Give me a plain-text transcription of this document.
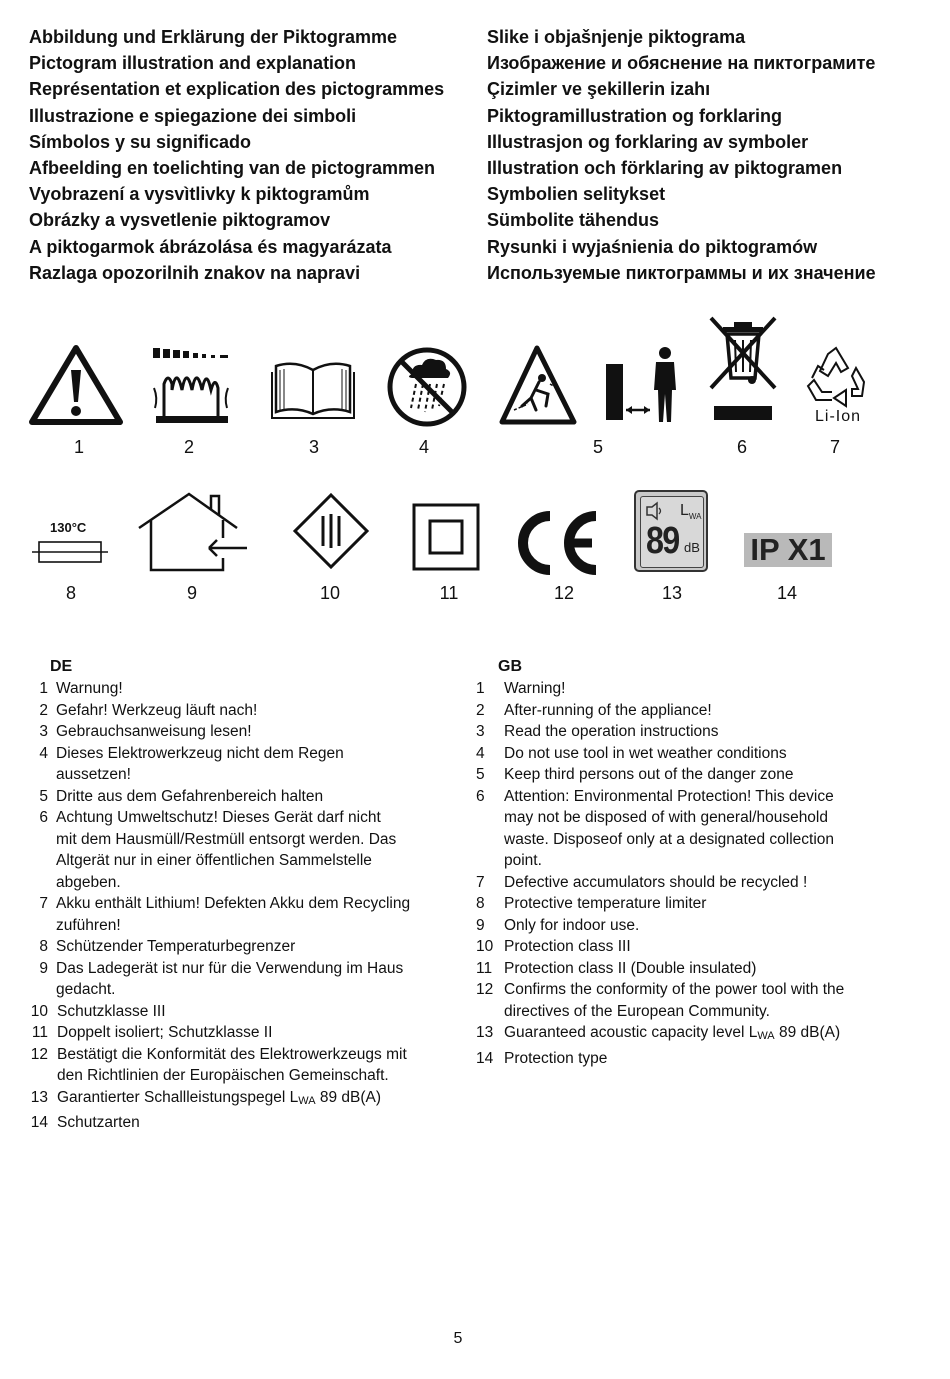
Abbildung und Erklärung der Piktogramme
Pictogram illustration and explanation
Représentation et explication des pictogrammes
Illustrazione e spiegazione dei simboli
Símbolos y su significado
Afbeelding en toelichting van de pictogrammen
Vyobrazení a vysvìtlivky k piktogramům
Obrázky a vysvetlenie piktogramov
A piktogarmok ábrázolása és magyarázata
Razlaga opozorilnih znakov na napravi
Slike i objašnjenje piktograma
Изображение и обяснение на пиктограмите
Çizimler ve şekillerin izahı
Piktogramillustration og forklaring
Illustrasjon og forklaring av symboler
Illustration och förklaring av piktogramen
Symbolien selitykset
Sümbolite tähendus
Rysunki i wyjaśnienia do piktogramów
Используемые пиктограммы и их значение
Li-Ion
1	2	3	4	5	6	7
130°C
$L_{WA}$
89 dB IP X1
8	9	10	11	12	13	14
DE
1 Warnung!
2 Gefahr! Werkzeug läuft nach!
3 Gebrauchsanweisung lesen!
4 Dieses Elektrowerkzeug nicht dem Regen
aussetzen!
5 Dritte aus dem Gefahrenbereich halten
6 Achtung Umweltschutz! Dieses Gerät darf nicht
mit dem Hausmüll/Restmüll entsorgt werden. Das
Altgerät nur in einer öffentlichen Sammelstelle
abgeben.
7 Akku enthält Lithium! Defekten Akku dem Recycling
zuführen!
8 Schützender Temperaturbegrenzer
9 Das Ladegerät ist nur für die Verwendung im Haus
gedacht.
10 Schutzklasse III
11 Doppelt isoliert; Schutzklasse II
12 Bestätigt die Konformität des Elektrowerkzeugs mit
den Richtlinien der Europäischen Gemeinschaft.
13 Garantierter Schallleistungspegel $L_{WA}$ 89 dB(A)
14 Schutzarten
GB
1	Warning!
2	After-running of the appliance!
3	Read the operation instructions
4	Do not use tool in wet weather conditions
5	Keep third persons out of the danger zone
6	Attention: Environmental Protection! This device
may not be disposed of with general/household
waste. Disposeof only at a designated collection
point.
7	Defective accumulators should be recycled !
8	Protective temperature limiter
9	Only for indoor use.
10 Protection class III
11 Protection class II (Double insulated)
12 Confirms the conformity of the power tool with the
directives of the European Community.
13 Guaranteed acoustic capacity level $L_{WA}$ 89 dB(A)
14 Protection type
5
